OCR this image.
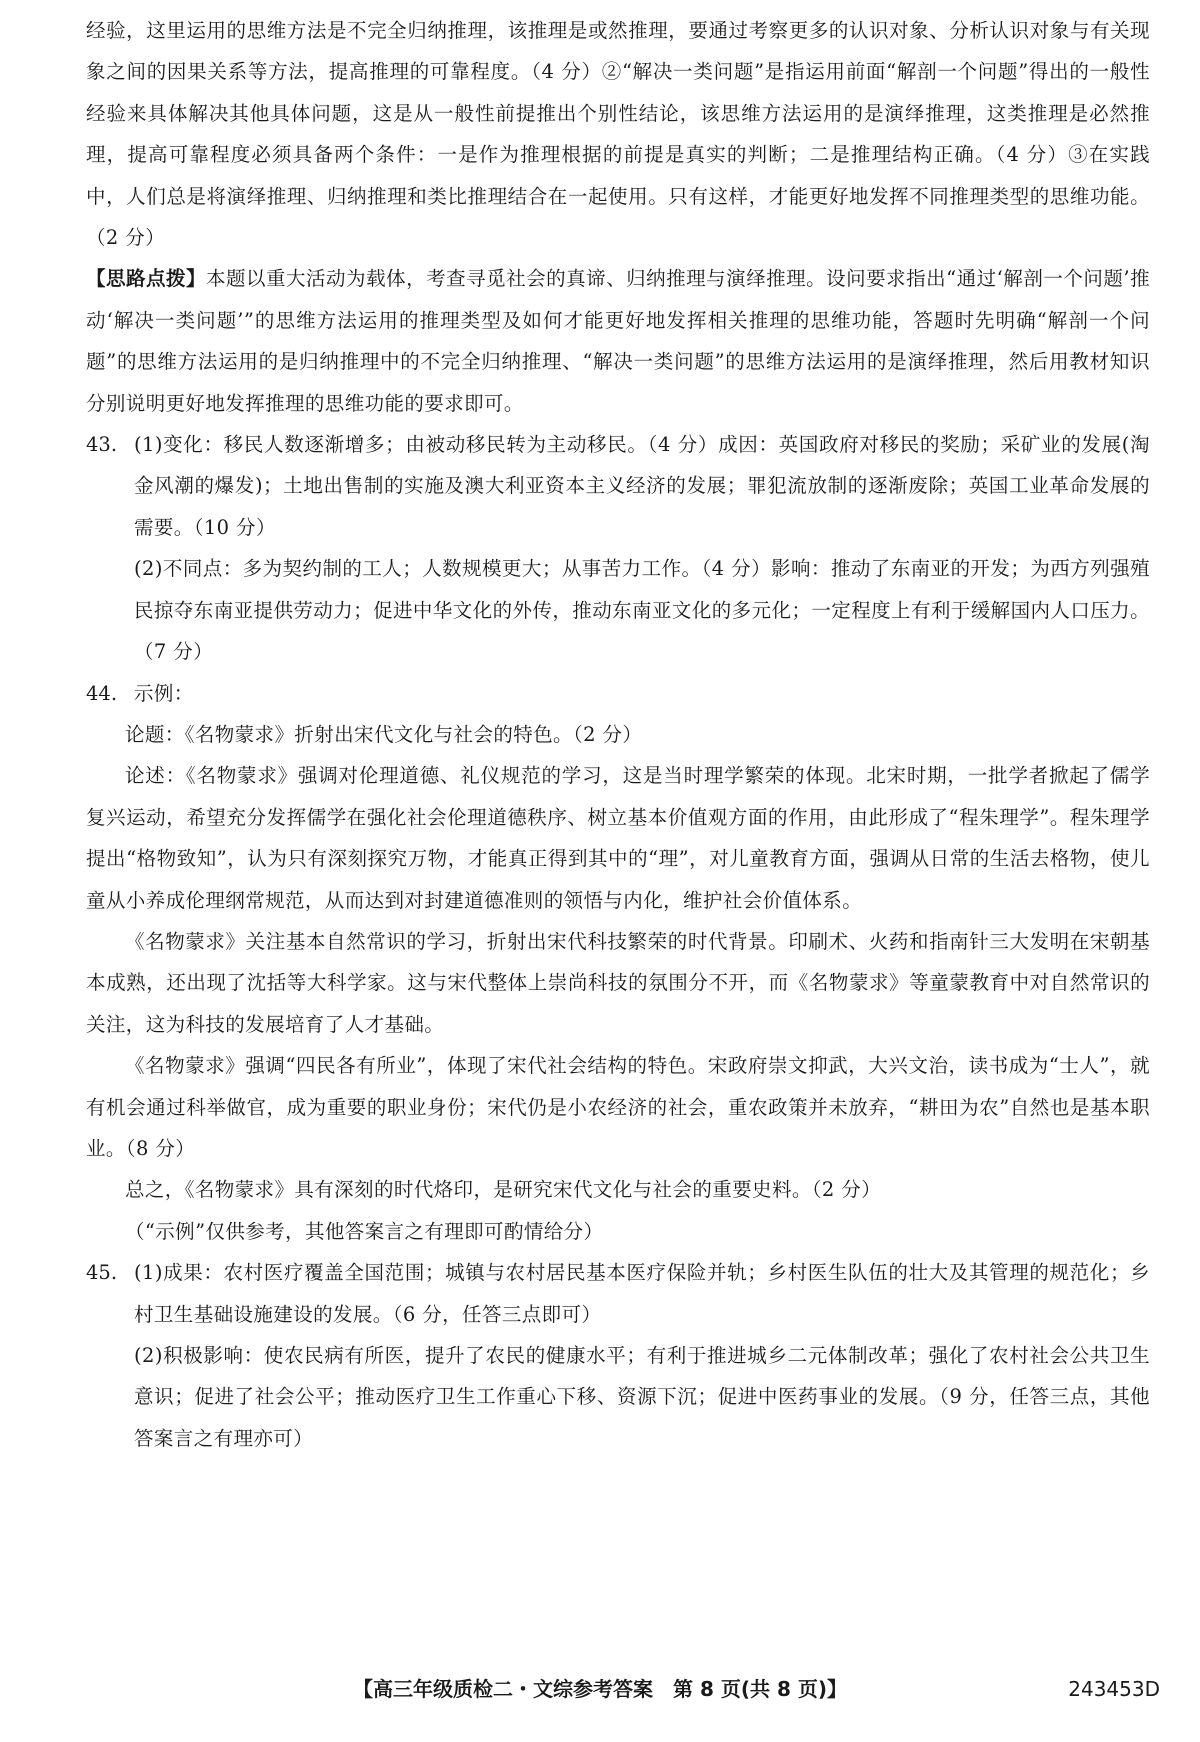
经验，这里运用的思维方法是不完全归纳推理，该推理是或然推理，要通过考察更多的认识对象、分析认识对象与有关现象之间的因果关系等方法，提高推理的可靠程度。（4 分）②“解决一类问题”是指运用前面“解剖一个问题”得出的一般性经验来具体解决其他具体问题，这是从一般性前提推出个别性结论，该思维方法运用的是演绎推理，这类推理是必然推理，提高可靠程度必须具备两个条件：一是作为推理根据的前提是真实的判断；二是推理结构正确。（4 分）③在实践中，人们总是将演绎推理、归纳推理和类比推理结合在一起使用。只有这样，才能更好地发挥不同推理类型的思维功能。（2 分）

【思路点拨】本题以重大活动为载体，考查寻觅社会的真谛、归纳推理与演绎推理。设问要求指出“通过‘解剖一个问题’推动‘解决一类问题’”的思维方法运用的推理类型及如何才能更好地发挥相关推理的思维功能，答题时先明确“解剖一个问题”的思维方法运用的是归纳推理中的不完全归纳推理、“解决一类问题”的思维方法运用的是演绎推理，然后用教材知识分别说明更好地发挥推理的思维功能的要求即可。

43. (1)变化：移民人数逐渐增多；由被动移民转为主动移民。（4 分）成因：英国政府对移民的奖励；采矿业的发展(淘金风潮的爆发)；土地出售制的实施及澳大利亚资本主义经济的发展；罪犯流放制的逐渐废除；英国工业革命发展的需要。（10 分）

(2)不同点：多为契约制的工人；人数规模更大；从事苦力工作。（4 分）影响：推动了东南亚的开发；为西方列强殖民掠夺东南亚提供劳动力；促进中华文化的外传，推动东南亚文化的多元化；一定程度上有利于缓解国内人口压力。（7 分）

44. 示例：

论题：《名物蒙求》折射出宋代文化与社会的特色。（2 分）

论述：《名物蒙求》强调对伦理道德、礼仪规范的学习，这是当时理学繁荣的体现。北宋时期，一批学者掀起了儒学复兴运动，希望充分发挥儒学在强化社会伦理道德秩序、树立基本价值观方面的作用，由此形成了“程朱理学”。程朱理学提出“格物致知”，认为只有深刻探究万物，才能真正得到其中的“理”，对儿童教育方面，强调从日常的生活去格物，使儿童从小养成伦理纲常规范，从而达到对封建道德准则的领悟与内化，维护社会价值体系。

《名物蒙求》关注基本自然常识的学习，折射出宋代科技繁荣的时代背景。印刷术、火药和指南针三大发明在宋朝基本成熟，还出现了沈括等大科学家。这与宋代整体上崇尚科技的氛围分不开，而《名物蒙求》等童蒙教育中对自然常识的关注，这为科技的发展培育了人才基础。

《名物蒙求》强调“四民各有所业”，体现了宋代社会结构的特色。宋政府崇文抑武，大兴文治，读书成为“士人”，就有机会通过科举做官，成为重要的职业身份；宋代仍是小农经济的社会，重农政策并未放弃，“耕田为农”自然也是基本职业。（8 分）

总之，《名物蒙求》具有深刻的时代烙印，是研究宋代文化与社会的重要史料。（2 分）

（“示例”仅供参考，其他答案言之有理即可酌情给分）

45. (1)成果：农村医疗覆盖全国范围；城镇与农村居民基本医疗保险并轨；乡村医生队伍的壮大及其管理的规范化；乡村卫生基础设施建设的发展。（6 分，任答三点即可）

(2)积极影响：使农民病有所医，提升了农民的健康水平；有利于推进城乡二元体制改革；强化了农村社会公共卫生意识；促进了社会公平；推动医疗卫生工作重心下移、资源下沉；促进中医药事业的发展。（9 分，任答三点，其他答案言之有理亦可）

【高三年级质检二・文综参考答案　第 8 页(共 8 页)】	243453D
